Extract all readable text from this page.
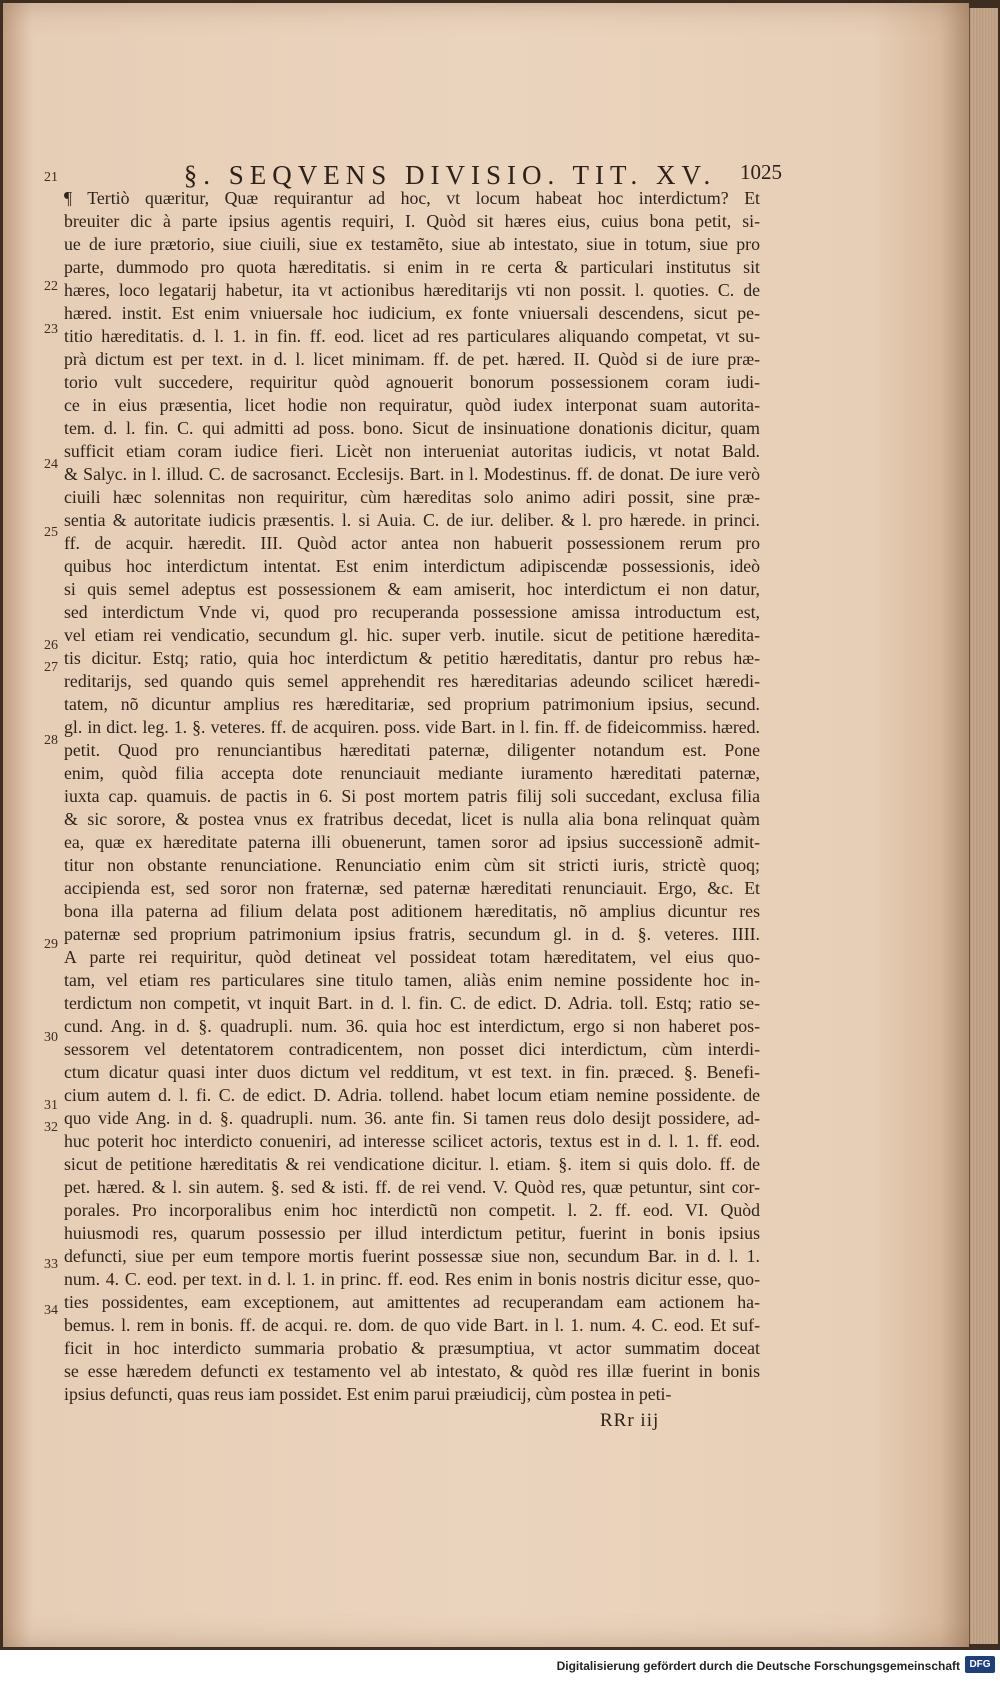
§. SEQVENS DIVISIO. TIT. XV.	1025
¶ Tertiò quæritur, Quæ requirantur ad hoc, vt locum habeat hoc interdictum? Et
breuiter dic à parte ipsius agentis requiri, I. Quòd sit hæres eius, cuius bona petit, si-
ue de iure prætorio, siue ciuili, siue ex testamẽto, siue ab intestato, siue in totum, siue pro
parte, dummodo pro quota hæreditatis. si enim in re certa & particulari institutus sit
hæres, loco legatarij habetur, ita vt actionibus hæreditarijs vti non possit. l. quoties. C. de
hæred. instit. Est enim vniuersale hoc iudicium, ex fonte vniuersali descendens, sicut pe-
titio hæreditatis. d. l. 1. in fin. ff. eod. licet ad res particulares aliquando competat, vt su-
prà dictum est per text. in d. l. licet minimam. ff. de pet. hæred. II. Quòd si de iure præ-
torio vult succedere, requiritur quòd agnouerit bonorum possessionem coram iudi-
ce in eius præsentia, licet hodie non requiratur, quòd iudex interponat suam autorita-
tem. d. l. fin. C. qui admitti ad poss. bono. Sicut de insinuatione donationis dicitur, quam
sufficit etiam coram iudice fieri. Licèt non interueniat autoritas iudicis, vt notat Bald.
& Salyc. in l. illud. C. de sacrosanct. Ecclesijs. Bart. in l. Modestinus. ff. de donat. De iure verò
ciuili hæc solennitas non requiritur, cùm hæreditas solo animo adiri possit, sine præ-
sentia & autoritate iudicis præsentis. l. si Auia. C. de iur. deliber. & l. pro hærede. in princi.
ff. de acquir. hæredit. III. Quòd actor antea non habuerit possessionem rerum pro
quibus hoc interdictum intentat. Est enim interdictum adipiscendæ possessionis, ideò
si quis semel adeptus est possessionem & eam amiserit, hoc interdictum ei non datur,
sed interdictum Vnde vi, quod pro recuperanda possessione amissa introductum est,
vel etiam rei vendicatio, secundum gl. hic. super verb. inutile. sicut de petitione hæredita-
tis dicitur. Estq; ratio, quia hoc interdictum & petitio hæreditatis, dantur pro rebus hæ-
reditarijs, sed quando quis semel apprehendit res hæreditarias adeundo scilicet hæredi-
tatem, nõ dicuntur amplius res hæreditariæ, sed proprium patrimonium ipsius, secund.
gl. in dict. leg. 1. §. veteres. ff. de acquiren. poss. vide Bart. in l. fin. ff. de fideicommiss. hæred.
petit. Quod pro renunciantibus hæreditati paternæ, diligenter notandum est. Pone
enim, quòd filia accepta dote renunciauit mediante iuramento hæreditati paternæ,
iuxta cap. quamuis. de pactis in 6. Si post mortem patris filij soli succedant, exclusa filia
& sic sorore, & postea vnus ex fratribus decedat, licet is nulla alia bona relinquat quàm
ea, quæ ex hæreditate paterna illi obuenerunt, tamen soror ad ipsius successionẽ admit-
titur non obstante renunciatione. Renunciatio enim cùm sit stricti iuris, strictè quoq;
accipienda est, sed soror non fraternæ, sed paternæ hæreditati renunciauit. Ergo, &c. Et
bona illa paterna ad filium delata post aditionem hæreditatis, nõ amplius dicuntur res
paternæ sed proprium patrimonium ipsius fratris, secundum gl. in d. §. veteres. IIII.
A parte rei requiritur, quòd detineat vel possideat totam hæreditatem, vel eius quo-
tam, vel etiam res particulares sine titulo tamen, aliàs enim nemine possidente hoc in-
terdictum non competit, vt inquit Bart. in d. l. fin. C. de edict. D. Adria. toll. Estq; ratio se-
cund. Ang. in d. §. quadrupli. num. 36. quia hoc est interdictum, ergo si non haberet pos-
sessorem vel detentatorem contradicentem, non posset dici interdictum, cùm interdi-
ctum dicatur quasi inter duos dictum vel redditum, vt est text. in fin. præced. §. Benefi-
cium autem d. l. fi. C. de edict. D. Adria. tollend. habet locum etiam nemine possidente. de
quo vide Ang. in d. §. quadrupli. num. 36. ante fin. Si tamen reus dolo desijt possidere, ad-
huc poterit hoc interdicto conueniri, ad interesse scilicet actoris, textus est in d. l. 1. ff. eod.
sicut de petitione hæreditatis & rei vendicatione dicitur. l. etiam. §. item si quis dolo. ff. de
pet. hæred. & l. sin autem. §. sed & isti. ff. de rei vend. V. Quòd res, quæ petuntur, sint cor-
porales. Pro incorporalibus enim hoc interdictũ non competit. l. 2. ff. eod. VI. Quòd
huiusmodi res, quarum possessio per illud interdictum petitur, fuerint in bonis ipsius
defuncti, siue per eum tempore mortis fuerint possessæ siue non, secundum Bar. in d. l. 1.
num. 4. C. eod. per text. in d. l. 1. in princ. ff. eod. Res enim in bonis nostris dicitur esse, quo-
ties possidentes, eam exceptionem, aut amittentes ad recuperandam eam actionem ha-
bemus. l. rem in bonis. ff. de acqui. re. dom. de quo vide Bart. in l. 1. num. 4. C. eod. Et suf-
ficit in hoc interdicto summaria probatio & præsumptiua, vt actor summatim doceat
se esse hæredem defuncti ex testamento vel ab intestato, & quòd res illæ fuerint in bonis
ipsius defuncti, quas reus iam possidet. Est enim parui præiudicij, cùm postea in peti-
21
22
23
24
25
26
27
28
29
30
31
32
33
34
RRr iij
Digitalisierung gefördert durch die Deutsche Forschungsgemeinschaft DFG
